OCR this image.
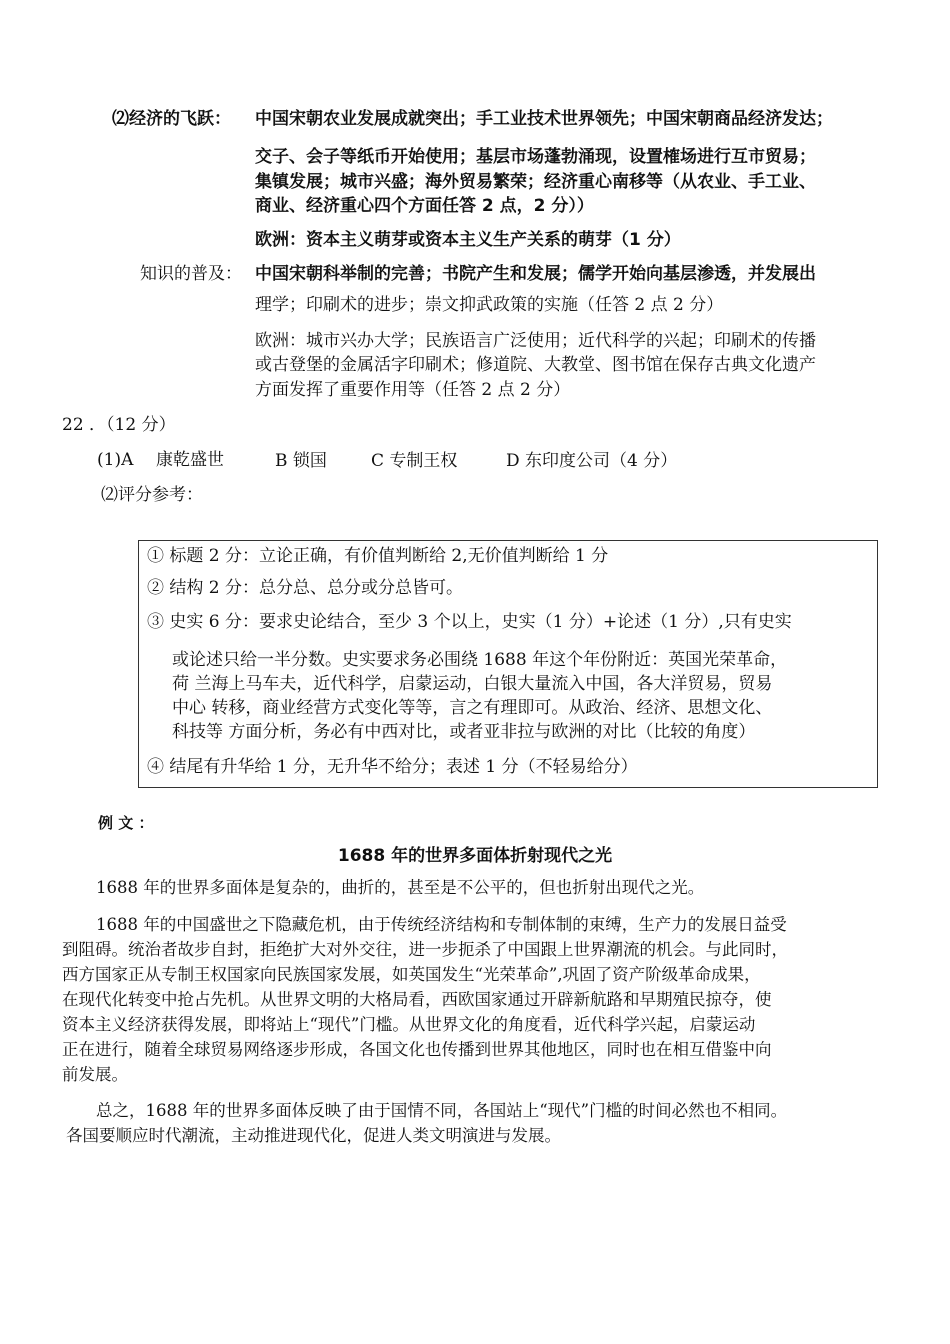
⑵经济的飞跃： 中国宋朝农业发展成就突出；手工业技术世界领先；中国宋朝商品经济发达；
交子、会子等纸币开始使用；基层市场蓬勃涌现，设置榷场进行互市贸易；
集镇发展；城市兴盛；海外贸易繁荣；经济重心南移等（从农业、手工业、
商业、经济重心四个方面任答 2 点，2 分））
欧洲：资本主义萌芽或资本主义生产关系的萌芽（1 分）
知识的普及： 中国宋朝科举制的完善；书院产生和发展；儒学开始向基层渗透，并发展出
理学；印刷术的进步；崇文抑武政策的实施（任答 2 点 2 分）
欧洲：城市兴办大学；民族语言广泛使用；近代科学的兴起；印刷术的传播
或古登堡的金属活字印刷术；修道院、大教堂、图书馆在保存古典文化遗产
方面发挥了重要作用等（任答 2 点 2 分）
22 ．（12 分）
(1)A 康乾盛世	B 锁国	C 专制王权	D 东印度公司（4 分）
⑵评分参考：
① 标题 2 分：立论正确，有价值判断给 2,无价值判断给 1 分
② 结构 2 分：总分总、总分或分总皆可。
③ 史实 6 分：要求史论结合，至少 3 个以上，史实（1 分）+论述（1 分）,只有史实
或论述只给一半分数。史实要求务必围绕 1688 年这个年份附近：英国光荣革命，
荷 兰海上马车夫，近代科学，启蒙运动，白银大量流入中国，各大洋贸易，贸易
中心 转移，商业经营方式变化等等，言之有理即可。从政治、经济、思想文化、
科技等 方面分析，务必有中西对比，或者亚非拉与欧洲的对比（比较的角度）
④ 结尾有升华给 1 分，无升华不给分；表述 1 分（不轻易给分）
例 文 ：
1688 年的世界多面体折射现代之光
1688 年的世界多面体是复杂的，曲折的，甚至是不公平的，但也折射出现代之光。
1688 年的中国盛世之下隐藏危机，由于传统经济结构和专制体制的束缚，生产力的发展日益受
到阻碍。统治者故步自封，拒绝扩大对外交往，进一步扼杀了中国跟上世界潮流的机会。与此同时，
西方国家正从专制王权国家向民族国家发展，如英国发生“光荣革命”,巩固了资产阶级革命成果，
在现代化转变中抢占先机。从世界文明的大格局看，西欧国家通过开辟新航路和早期殖民掠夺，使
资本主义经济获得发展，即将站上“现代”门槛。从世界文化的角度看，近代科学兴起，启蒙运动
正在进行，随着全球贸易网络逐步形成，各国文化也传播到世界其他地区，同时也在相互借鉴中向
前发展。
总之，1688 年的世界多面体反映了由于国情不同，各国站上“现代”门槛的时间必然也不相同。
各国要顺应时代潮流，主动推进现代化，促进人类文明演进与发展。
